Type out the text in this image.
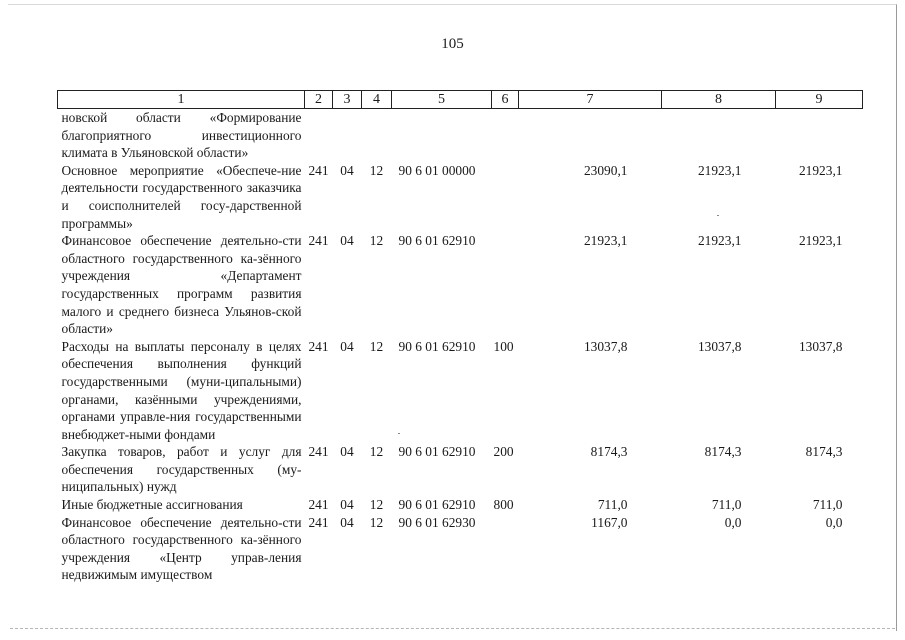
105
1	2	3	4	5	6	7	8	9
новской области «Формирование благоприятного инвестиционного климата в Ульяновской области»								
Основное мероприятие «Обеспече-ние деятельности государственного заказчика и соисполнителей госу-дарственной программы»	241	04	12	90 6 01 00000		23090,1	21923,1	21923,1
Финансовое обеспечение деятельно-сти областного государственного ка-зённого учреждения «Департамент государственных программ развития малого и среднего бизнеса Ульянов-ской области»	241	04	12	90 6 01 62910		21923,1	21923,1	21923,1
Расходы на выплаты персоналу в целях обеспечения выполнения функций государственными (муни-ципальными) органами, казёнными учреждениями, органами управле-ния государственными внебюджет-ными фондами	241	04	12	90 6 01 62910	100	13037,8	13037,8	13037,8
Закупка товаров, работ и услуг для обеспечения государственных (му-ниципальных) нужд	241	04	12	90 6 01 62910	200	8174,3	8174,3	8174,3
Иные бюджетные ассигнования	241	04	12	90 6 01 62910	800	711,0	711,0	711,0
Финансовое обеспечение деятельно-сти областного государственного ка-зённого учреждения «Центр управ-ления недвижимым имуществом	241	04	12	90 6 01 62930		1167,0	0,0	0,0
